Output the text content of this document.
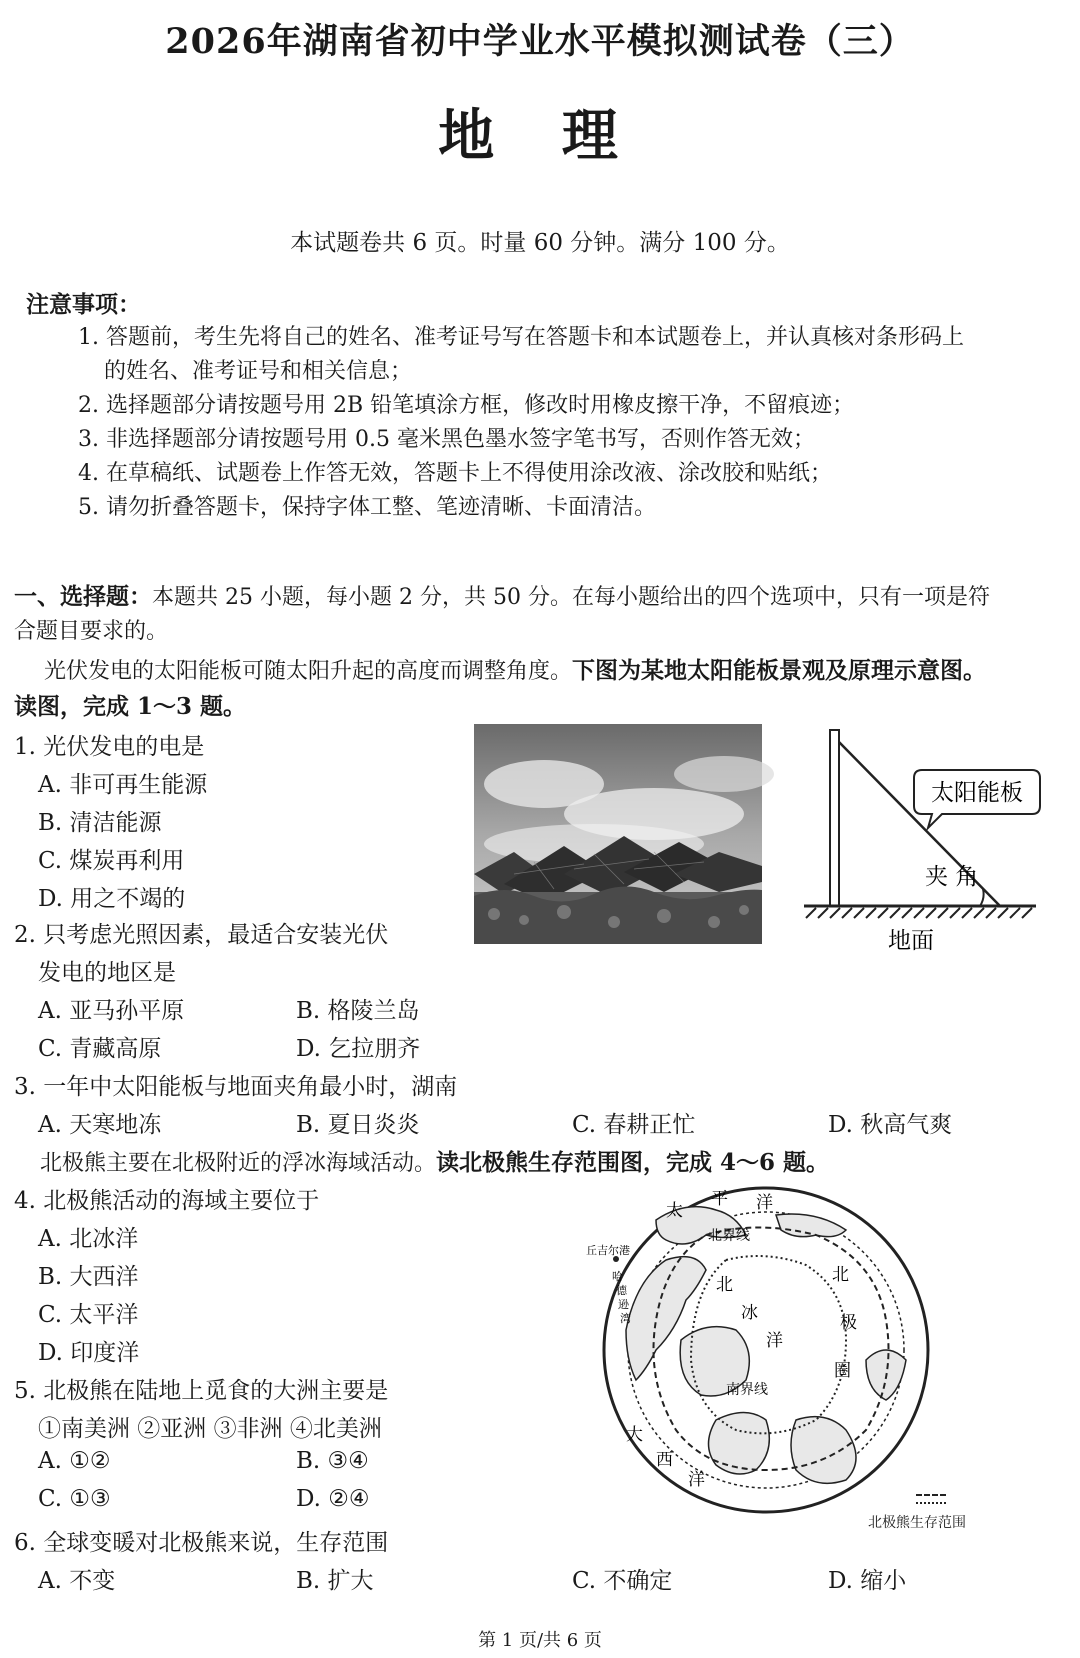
2026年湖南省初中学业水平模拟测试卷（三）
地 理
本试题卷共 6 页。时量 60 分钟。满分 100 分。
注意事项：
1. 答题前，考生先将自己的姓名、准考证号写在答题卡和本试题卷上，并认真核对条形码上
的姓名、准考证号和相关信息；
2. 选择题部分请按题号用 2B 铅笔填涂方框，修改时用橡皮擦干净，不留痕迹；
3. 非选择题部分请按题号用 0.5 毫米黑色墨水签字笔书写，否则作答无效；
4. 在草稿纸、试题卷上作答无效，答题卡上不得使用涂改液、涂改胶和贴纸；
5. 请勿折叠答题卡，保持字体工整、笔迹清晰、卡面清洁。
一、选择题：本题共 25 小题，每小题 2 分，共 50 分。在每小题给出的四个选项中，只有一项是符
合题目要求的。
光伏发电的太阳能板可随太阳升起的高度而调整角度。下图为某地太阳能板景观及原理示意图。
读图，完成 1～3 题。
1. 光伏发电的电是
A. 非可再生能源
B. 清洁能源
C. 煤炭再利用
D. 用之不竭的
太阳能板
夹 角
地面
2. 只考虑光照因素，最适合安装光伏
发电的地区是
A. 亚马孙平原	B. 格陵兰岛
C. 青藏高原	D. 乞拉朋齐
3. 一年中太阳能板与地面夹角最小时，湖南
A. 天寒地冻	B. 夏日炎炎	C. 春耕正忙	D. 秋高气爽
北极熊主要在北极附近的浮冰海域活动。读北极熊生存范围图，完成 4～6 题。
4. 北极熊活动的海域主要位于
A. 北冰洋
B. 大西洋
C. 太平洋
D. 印度洋
5. 北极熊在陆地上觅食的大洲主要是
①南美洲 ②亚洲 ③非洲 ④北美洲
A. ①②	B. ③④
C. ①③	D. ②④
6. 全球变暖对北极熊来说，生存范围
A. 不变	B. 扩大	C. 不确定	D. 缩小
太
平 洋
大
西
洋
北
冰
洋
北
极
圈
北界线
南界线
丘吉尔港
哈
德
逊
湾
北极熊生存范围
第 1 页/共 6 页
